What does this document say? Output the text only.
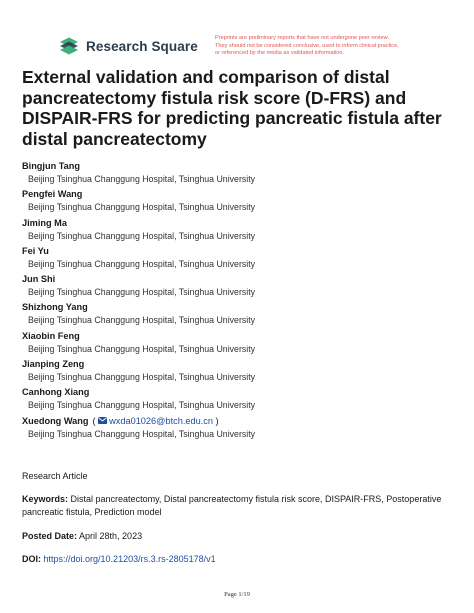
Research Square
Preprints are preliminary reports that have not undergone peer review.
They should not be considered conclusive, used to inform clinical practice,
or referenced by the media as validated information.
External validation and comparison of distal pancreatectomy fistula risk score (D-FRS) and DISPAIR-FRS for predicting pancreatic fistula after distal pancreatectomy
Bingjun Tang
Beijing Tsinghua Changgung Hospital, Tsinghua University
Pengfei Wang
Beijing Tsinghua Changgung Hospital, Tsinghua University
Jiming Ma
Beijing Tsinghua Changgung Hospital, Tsinghua University
Fei Yu
Beijing Tsinghua Changgung Hospital, Tsinghua University
Jun Shi
Beijing Tsinghua Changgung Hospital, Tsinghua University
Shizhong Yang
Beijing Tsinghua Changgung Hospital, Tsinghua University
Xiaobin Feng
Beijing Tsinghua Changgung Hospital, Tsinghua University
Jianping Zeng
Beijing Tsinghua Changgung Hospital, Tsinghua University
Canhong Xiang
Beijing Tsinghua Changgung Hospital, Tsinghua University
Xuedong Wang ( wxda01026@btch.edu.cn )
Beijing Tsinghua Changgung Hospital, Tsinghua University
Research Article
Keywords: Distal pancreatectomy, Distal pancreatectomy fistula risk score, DISPAIR-FRS, Postoperative pancreatic fistula, Prediction model
Posted Date: April 28th, 2023
DOI: https://doi.org/10.21203/rs.3.rs-2805178/v1
Page 1/19
